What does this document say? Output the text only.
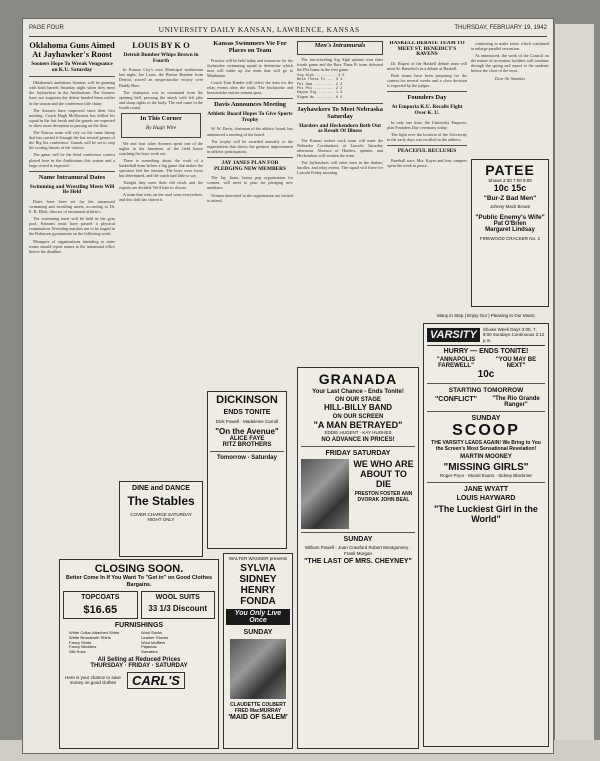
PAGE FOUR	UNIVERSITY DAILY KANSAN, LAWRENCE, KANSAS	THURSDAY, FEBRUARY 19, 1942
Oklahoma Guns Aimed At Jayhawker's Roost
Sooners Hope To Wreak Vengeance on K.U. Saturday

Oklahoma's ambitious Sooners will be gunning with both barrels Saturday night when they meet the Jayhawkers in the Auditorium. The Sooners have not forgotten the defeat handed them earlier in the season and the conference title chase.

The Sooners have improved since their first meeting. Coach Hugh McDermott has drilled his squad in the fast break and the guards are expected to show more deception in passing on the floor.

The Kansas team will rely on the same lineup that has carried it through the last several games of the Big Six conference. Guards will be set to stop the scoring threats of the visitors.

The game will be the third conference contest played here in the Auditorium this season and a large crowd is expected.

Name Intramural Dates
Swimming and Wrestling Meets Will Be Held

Dates have been set for the intramural swimming and wrestling meets, according to Dr. E. R. Elbel, director of intramural athletics.

The swimming meet will be held in the gym pool. Entrants must have passed a physical examination. Wrestling matches are to be staged in the Robinson gymnasium on the following week.

Managers of organizations intending to enter teams should report names to the intramural office before the deadline.

LOUIS BY K O
Detroit Bomber Whips Brown in Fourth

In Kansas City's own Municipal auditorium last night, Joe Louis, the Brown Bomber from Detroit, scored an unspectacular victory over Buddy Baer.

The champion was in command from the opening bell, pressing the attack with left jabs and sharp rights to the body. The end came in the fourth round.

In This Corner
By Hugh Wire

We and four other Sooners spent one of the nights in the basement of the field house watching the boys work out.

There is something about the work of a basketball team before a big game that makes the spectator feel the tension. The boys were loose but determined, and the coach had little to say.

Tonight they meet their old rivals and the experts are divided. We'd hate to choose.

A team that wins on the road wins everywhere, and this club has shown it.

Kansas Swimmers Vie For Places on Team

Practice will be held today and tomorrow for the Jayhawker swimming squad to determine which men will make up the team that will go to Manhattan.

Coach Tom Kinder will select the men for the relay events after the trials. The backstroke and breaststroke entries remain open.

Davis Announces Meeting
Athletic Board Hopes To Give Sports Trophy

W. W. Davis, chairman of the athletic board, has announced a meeting of the board.

The trophy will be awarded annually to the organization that shows the greatest improvement in athletic participation.

JAY JANES PLAN FOR PLEDGING NEW MEMBERS

The Jay Janes, honor pep organization for women, will meet to plan for pledging new members.

Women interested in the organization are invited to attend.

Men's Intramurals

The fast-traveling Sig Alph quintet won their fourth game and the Beta Theta Pi team defeated the Phi Gams in the first game.

Sig Alph ......... 4 0
Beta Theta Pi ... 3 1
Phi Gam ......... 2 2
Phi Psi ......... 2 2
Kappa Sig ....... 1 3
Sigma Nu ........ 0 4
Jayhawkers To Meet Nebraska Saturday
Harders and Heckendorn Both Out as Result Of Illness

The Kansas indoor track team will meet the Nebraska Cornhuskers at Lincoln Saturday afternoon. Absence of Harders, sprinter, and Heckendorn will weaken the team.

The Jayhawkers will enter men in the dashes, hurdles, and relay events. The squad will leave for Lincoln Friday morning.

HASKELL DEBATE TEAM TO MEET ST. BENEDICT'S RAVENS

Dr. Rupert of the Haskell debate team will meet St. Benedict's in a debate at Haskell.

Both teams have been preparing for the contest for several weeks and a close decision is expected by the judges.

Founders Day
At Emporia K.U. Recalls Fight Over K. U.

In only one time, the University Emporia, plan Founders Day ceremony today.

The fight over the location of the University in the early days was recalled in the address.

PEACEFUL RECLUSES

Baseball stars, Mrs. Kayes and four campers spent the week in peace.

continuing to make tastes which continued to enlarge parallel recreation.

As announced, the work of the Council on the matter of recreation facilities will continue through the spring and report to the students before the close of the term.

Dear Air Summits

PATEE
Shows 2:30 7:00 9:00
10c 15c
"Bur-Z Bad Men"
Johnny Mack Brown
"Public Enemy's Wife"
Pat O'Brien
Margaret Lindsay
FIREWOOD CRACKER No. 2
Many in Step | Enjoy Our | Pleasing In Our Music
VARSITY	Shows Week Days 2:00, 7, 9:00 Sundays Continuous 2:12 p.m.
HURRY — ENDS TONITE!
"ANNAPOLIS FAREWELL"
"YOU MAY BE NEXT"
10c
STARTING TOMORROW
"CONFLICT"	"The Rio Grande Ranger"
SUNDAY
SCOOP
THE VARSITY LEADS AGAIN! We Bring to You the Screen's Most Sensational Revelation!
MARTIN MOONEY
"MISSING GIRLS"
Roger Pryor · Muriel Evans · Sidney Blackmer
JANE WYATT
LOUIS HAYWARD
"The Luckiest Girl in the World"
DICKINSON
ENDS TONITE
Dick Powell · Madeleine Carroll
"On the Avenue"
ALICE FAYE
RITZ BROTHERS
Tomorrow - Saturday
WALTER WANGER presents
SYLVIA SIDNEY
HENRY FONDA
You Only Live Once
SUNDAY
CLAUDETTE COLBERT FRED MacMURRAY
'MAID OF SALEM'
GRANADA
Your Last Chance - Ends Tonite!
ON OUR STAGE
HILL-BILLY BAND
ON OUR SCREEN
"A MAN BETRAYED"
EDDIE HUGENT · KAY HUGHES
NO ADVANCE IN PRICES!
FRIDAY SATURDAY
WE WHO ARE ABOUT TO DIE
PRESTON FOSTER ANN DVORAK JOHN BEAL
SUNDAY
William Powell · Joan Crawford Robert Montgomery · Frank Morgan
"THE LAST OF MRS. CHEYNEY"
DINE and DANCE
The Stables
COVER CHARGE SATURDAY NIGHT ONLY
CLOSING SOON.
Better Come In If You Want To "Get in" on Good Clothes Bargains.
TOPCOATS
$16.65
WOOL SUITS
33 1/3 Discount
FURNISHINGS
White Collar-Attached Shirts
White Broadcloth Shirts
Fancy Shirts
Fancy Neckties
Silk Hose
Wool Socks
Leather Gloves
Wool Mufflers
Pajamas
Sweaters
All Selling at Reduced Prices
THURSDAY · FRIDAY · SATURDAY
Here is your chance to save money on good clothes	CARL'S
